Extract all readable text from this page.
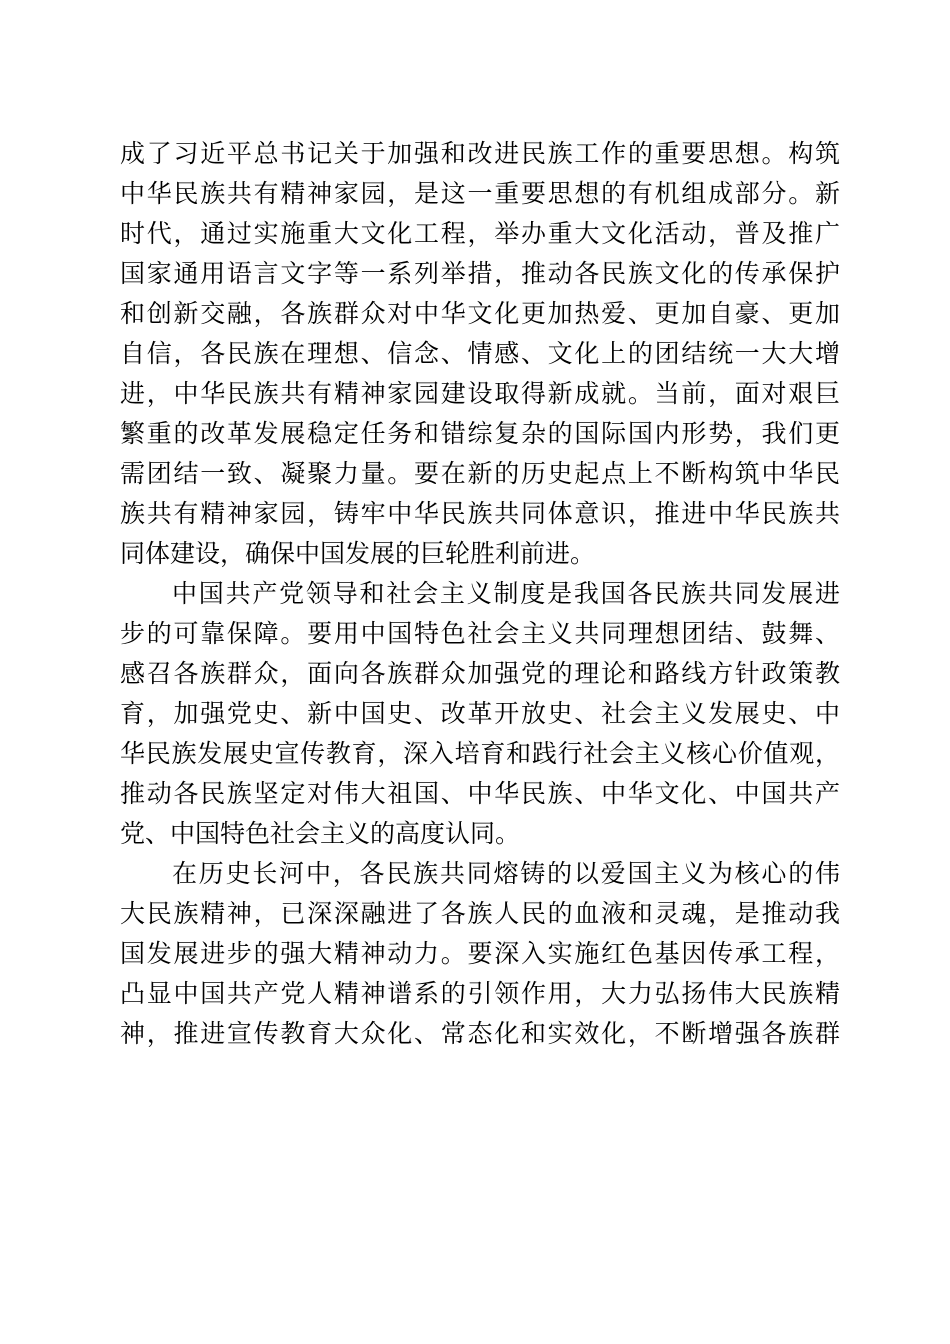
成了习近平总书记关于加强和改进民族工作的重要思想。构筑
中华民族共有精神家园，是这一重要思想的有机组成部分。新
时代，通过实施重大文化工程，举办重大文化活动，普及推广
国家通用语言文字等一系列举措，推动各民族文化的传承保护
和创新交融，各族群众对中华文化更加热爱、更加自豪、更加
自信，各民族在理想、信念、情感、文化上的团结统一大大增
进，中华民族共有精神家园建设取得新成就。当前，面对艰巨
繁重的改革发展稳定任务和错综复杂的国际国内形势，我们更
需团结一致、凝聚力量。要在新的历史起点上不断构筑中华民
族共有精神家园，铸牢中华民族共同体意识，推进中华民族共
同体建设，确保中国发展的巨轮胜利前进。
中国共产党领导和社会主义制度是我国各民族共同发展进
步的可靠保障。要用中国特色社会主义共同理想团结、鼓舞、
感召各族群众，面向各族群众加强党的理论和路线方针政策教
育，加强党史、新中国史、改革开放史、社会主义发展史、中
华民族发展史宣传教育，深入培育和践行社会主义核心价值观，
推动各民族坚定对伟大祖国、中华民族、中华文化、中国共产
党、中国特色社会主义的高度认同。
在历史长河中，各民族共同熔铸的以爱国主义为核心的伟
大民族精神，已深深融进了各族人民的血液和灵魂，是推动我
国发展进步的强大精神动力。要深入实施红色基因传承工程，
凸显中国共产党人精神谱系的引领作用，大力弘扬伟大民族精
神，推进宣传教育大众化、常态化和实效化，不断增强各族群
